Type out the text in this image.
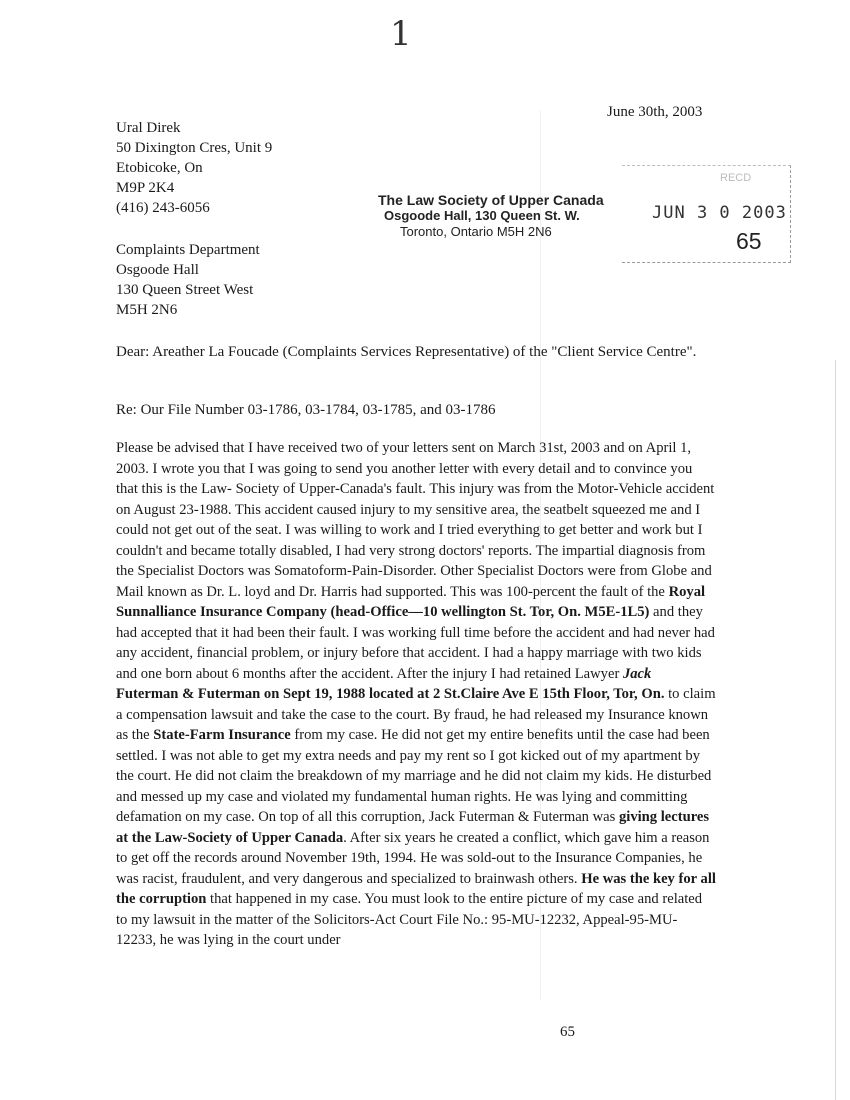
1
June 30th, 2003
Ural Direk
50 Dixington Cres, Unit 9
Etobicoke, On
M9P 2K4
(416) 243-6056	The Law Society of Upper Canada
Osgoode Hall, 130 Queen St. W.
Toronto, Ontario M5H 2N6
RECD
JUN 3 0 2003
65
Complaints Department
Osgoode Hall
130 Queen Street West
M5H 2N6
Dear: Areather La Foucade (Complaints Services Representative) of the "Client Service Centre".
Re: Our File Number 03-1786, 03-1784, 03-1785, and 03-1786
Please be advised that I have received two of your letters sent on March 31st, 2003 and on April 1, 2003. I wrote you that I was going to send you another letter with every detail and to convince you that this is the Law- Society of Upper-Canada's fault. This injury was from the Motor-Vehicle accident on August 23-1988. This accident caused injury to my sensitive area, the seatbelt squeezed me and I could not get out of the seat. I was willing to work and I tried everything to get better and work but I couldn't and became totally disabled, I had very strong doctors' reports. The impartial diagnosis from the Specialist Doctors was Somatoform-Pain-Disorder. Other Specialist Doctors were from Globe and Mail known as Dr. L. loyd and Dr. Harris had supported. This was 100-percent the fault of the Royal Sunnalliance Insurance Company (head-Office—10 wellington St. Tor, On. M5E-1L5) and they had accepted that it had been their fault. I was working full time before the accident and had never had any accident, financial problem, or injury before that accident. I had a happy marriage with two kids and one born about 6 months after the accident. After the injury I had retained Lawyer Jack Futerman & Futerman on Sept 19, 1988 located at 2 St.Claire Ave E 15th Floor, Tor, On. to claim a compensation lawsuit and take the case to the court. By fraud, he had released my Insurance known as the State-Farm Insurance from my case. He did not get my entire benefits until the case had been settled. I was not able to get my extra needs and pay my rent so I got kicked out of my apartment by the court. He did not claim the breakdown of my marriage and he did not claim my kids. He disturbed and messed up my case and violated my fundamental human rights. He was lying and committing defamation on my case. On top of all this corruption, Jack Futerman & Futerman was giving lectures at the Law-Society of Upper Canada. After six years he created a conflict, which gave him a reason to get off the records around November 19th, 1994. He was sold-out to the Insurance Companies, he was racist, fraudulent, and very dangerous and specialized to brainwash others. He was the key for all the corruption that happened in my case. You must look to the entire picture of my case and related to my lawsuit in the matter of the Solicitors-Act Court File No.: 95-MU-12232, Appeal-95-MU-12233, he was lying in the court under
65
